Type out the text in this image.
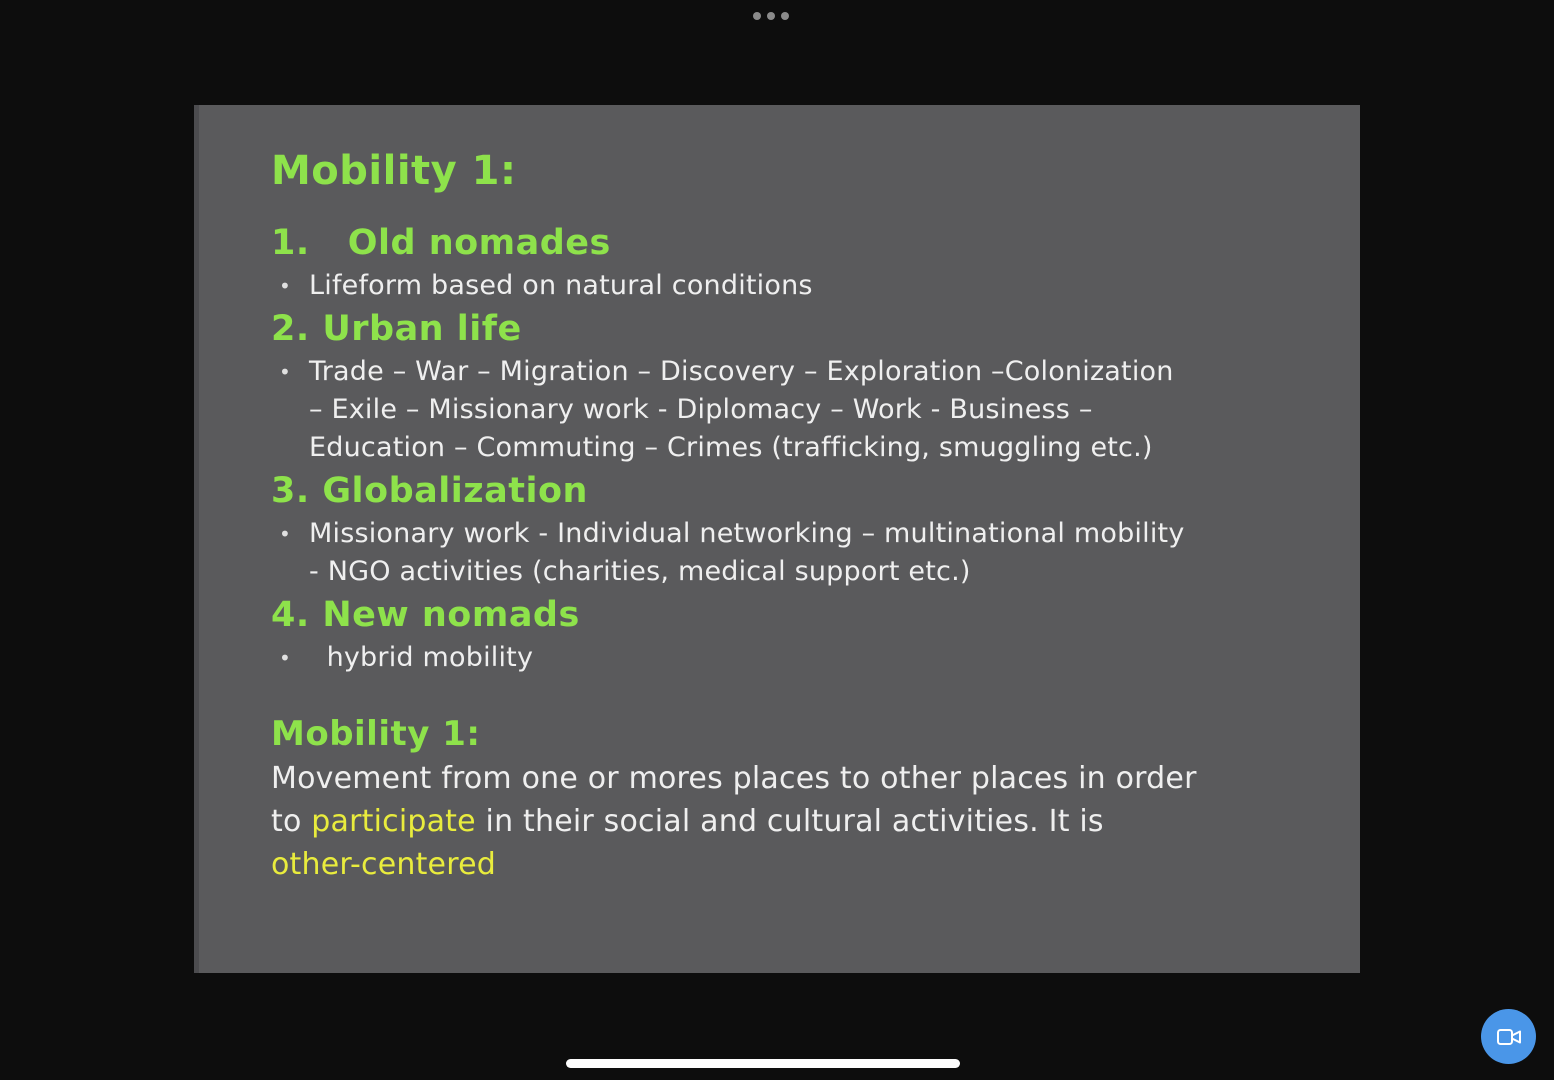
Mobility 1:
1.   Old nomades
• Lifeform based on natural conditions
2. Urban life
• Trade – War – Migration – Discovery – Exploration –Colonization
– Exile – Missionary work - Diplomacy – Work - Business –
Education – Commuting – Crimes (trafficking, smuggling etc.)
3. Globalization
• Missionary work - Individual networking – multinational mobility
- NGO activities (charities, medical support etc.)
4. New nomads
• hybrid mobility
Mobility 1:
Movement from one or mores places to other places in order
to participate in their social and cultural activities. It is
other-centered
